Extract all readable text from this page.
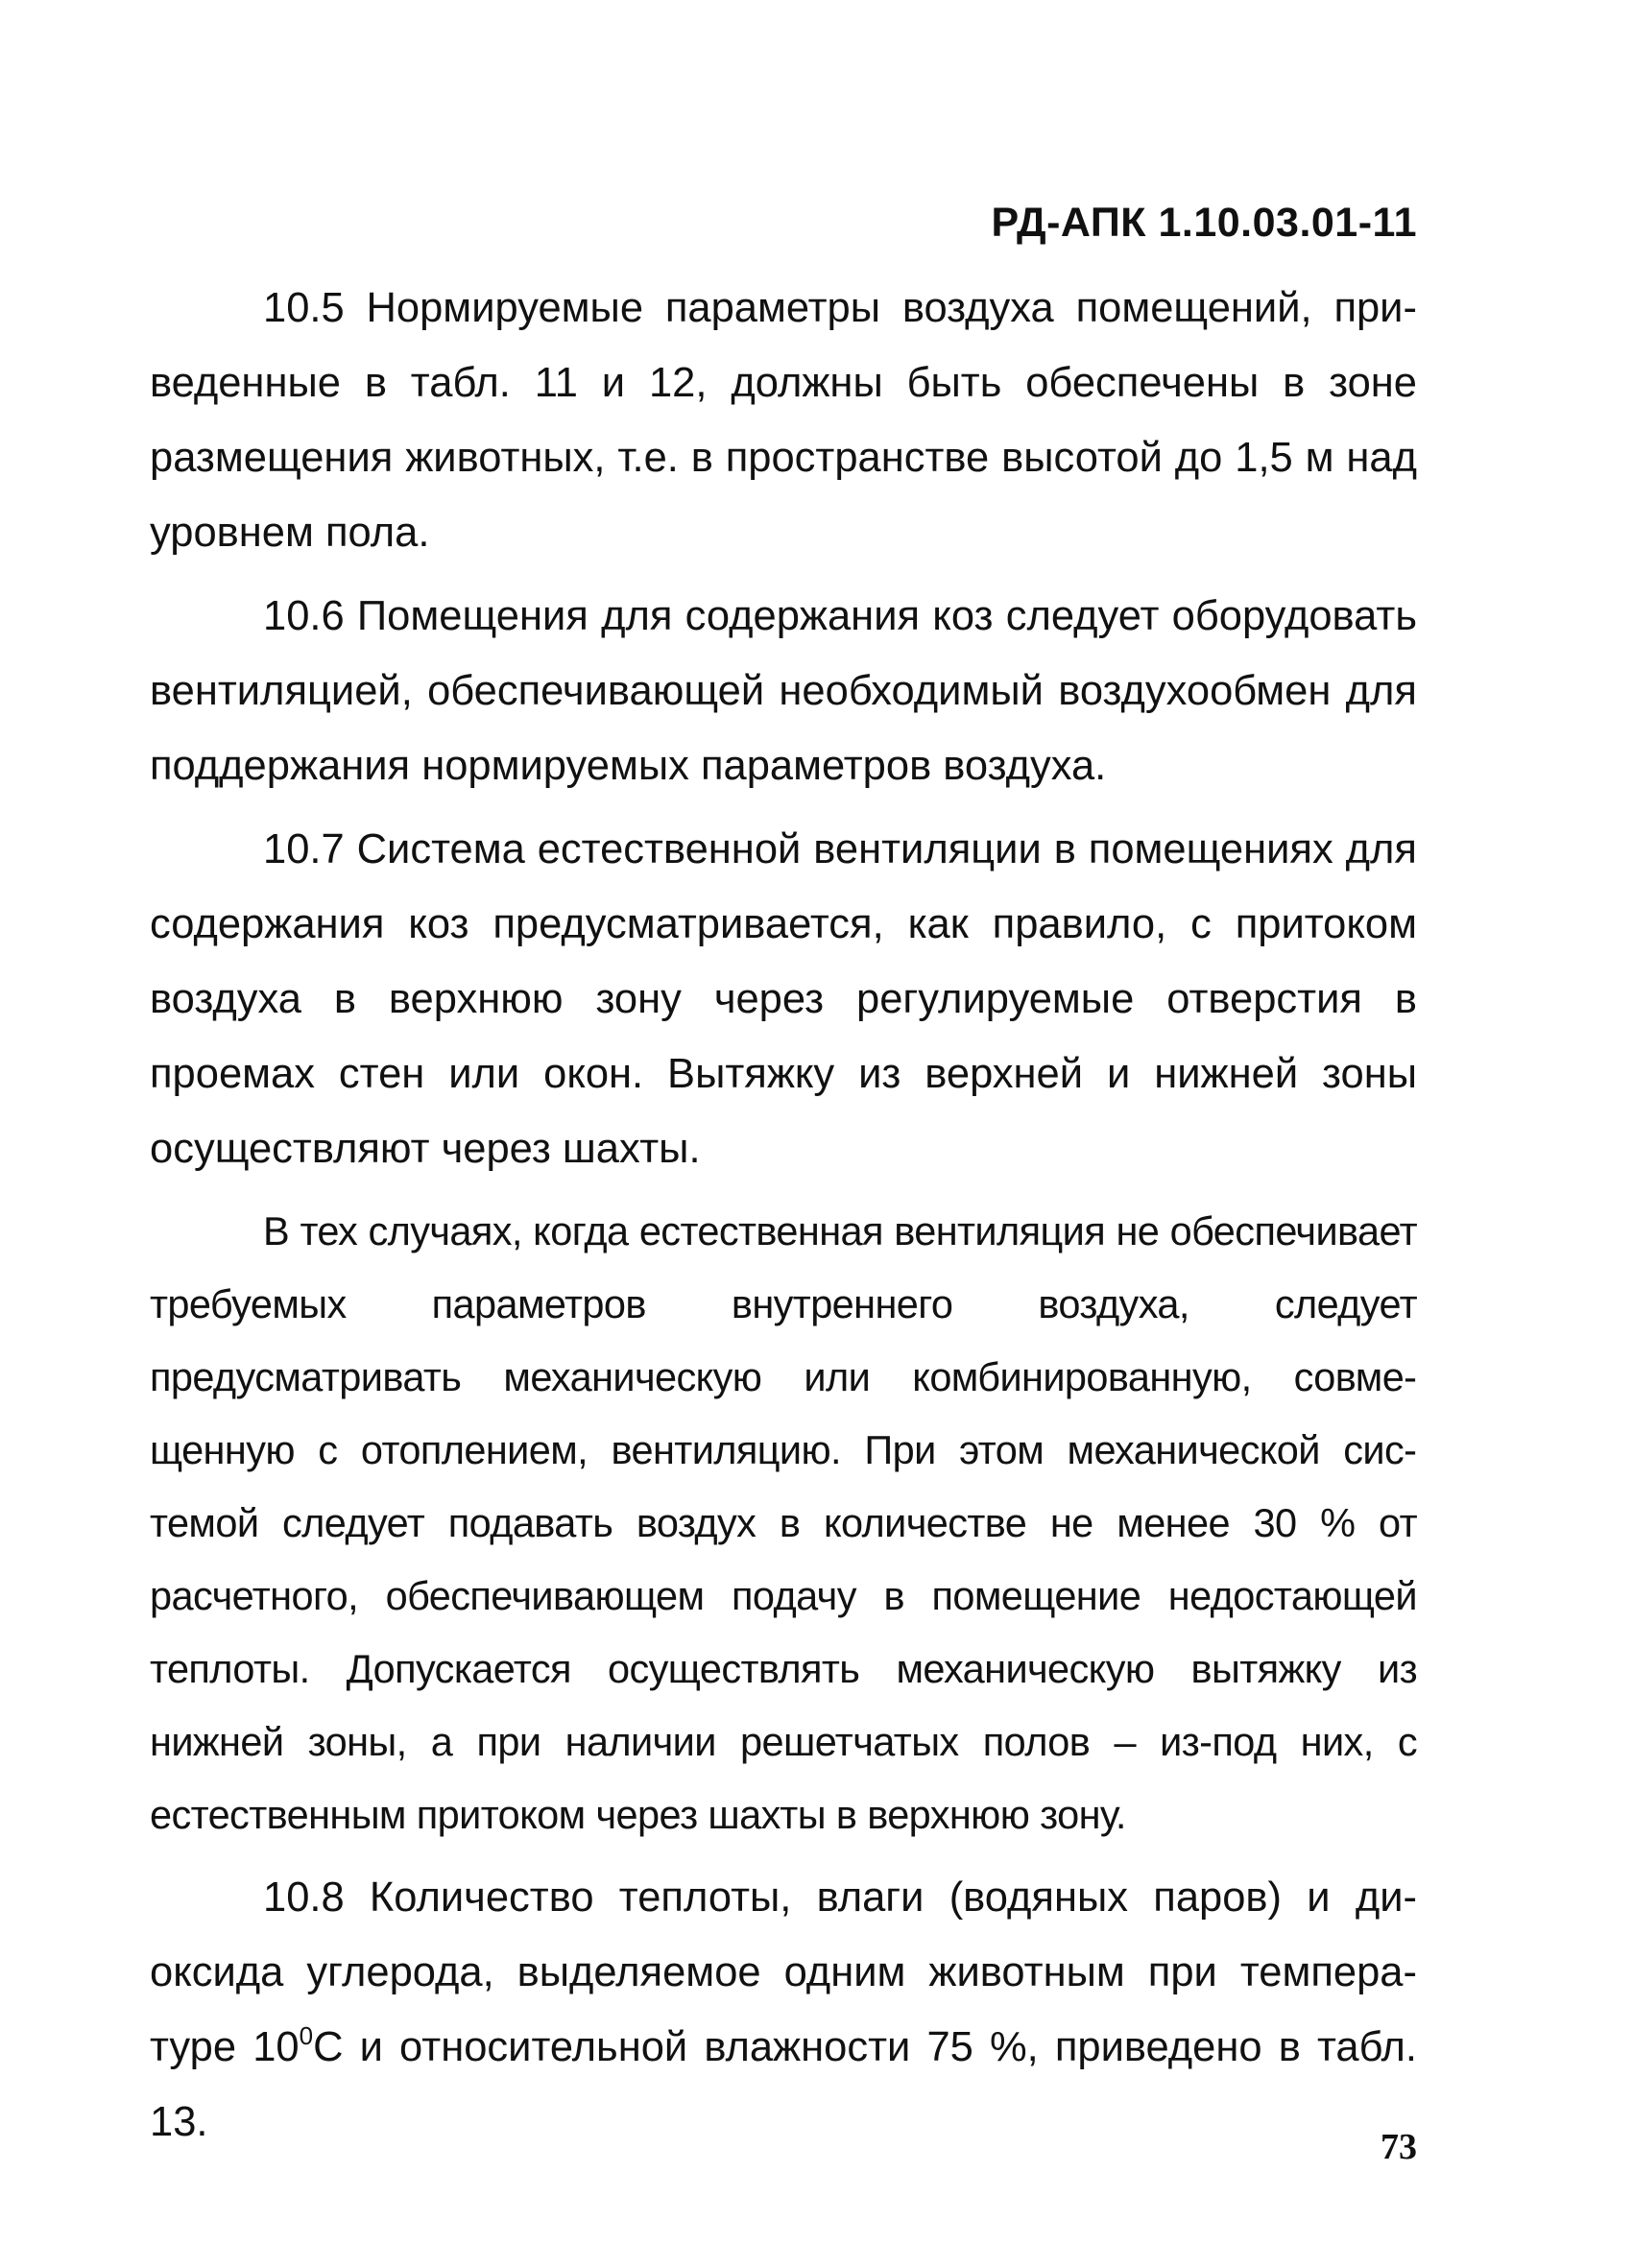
РД-АПК 1.10.03.01-11

10.5 Нормируемые параметры воздуха помещений, приведенные в табл. 11 и 12, должны быть обеспечены в зоне размещения животных, т.е. в пространстве высотой до 1,5 м над уровнем пола.

10.6 Помещения для содержания коз следует оборудовать вентиляцией, обеспечивающей необходимый воздухообмен для поддержания нормируемых параметров воздуха.

10.7 Система естественной вентиляции в помещениях для содержания коз предусматривается, как правило, с притоком воздуха в верхнюю зону через регулируемые отверстия в проемах стен или окон. Вытяжку из верхней и нижней зоны осуществляют через шахты.

В тех случаях, когда естественная вентиляция не обеспечивает требуемых параметров внутреннего воздуха, следует предусматривать механическую или комбинированную, совмещенную с отоплением, вентиляцию. При этом механической системой следует подавать воздух в количестве не менее 30 % от расчетного, обеспечивающем подачу в помещение недостающей теплоты. Допускается осуществлять механическую вытяжку из нижней зоны, а при наличии решетчатых полов – из-под них, с естественным притоком через шахты в верхнюю зону.

10.8 Количество теплоты, влаги (водяных паров) и диоксида углерода, выделяемое одним животным при температуре $10^0С$ и относительной влажности 75 %, приведено в табл. 13.

73
